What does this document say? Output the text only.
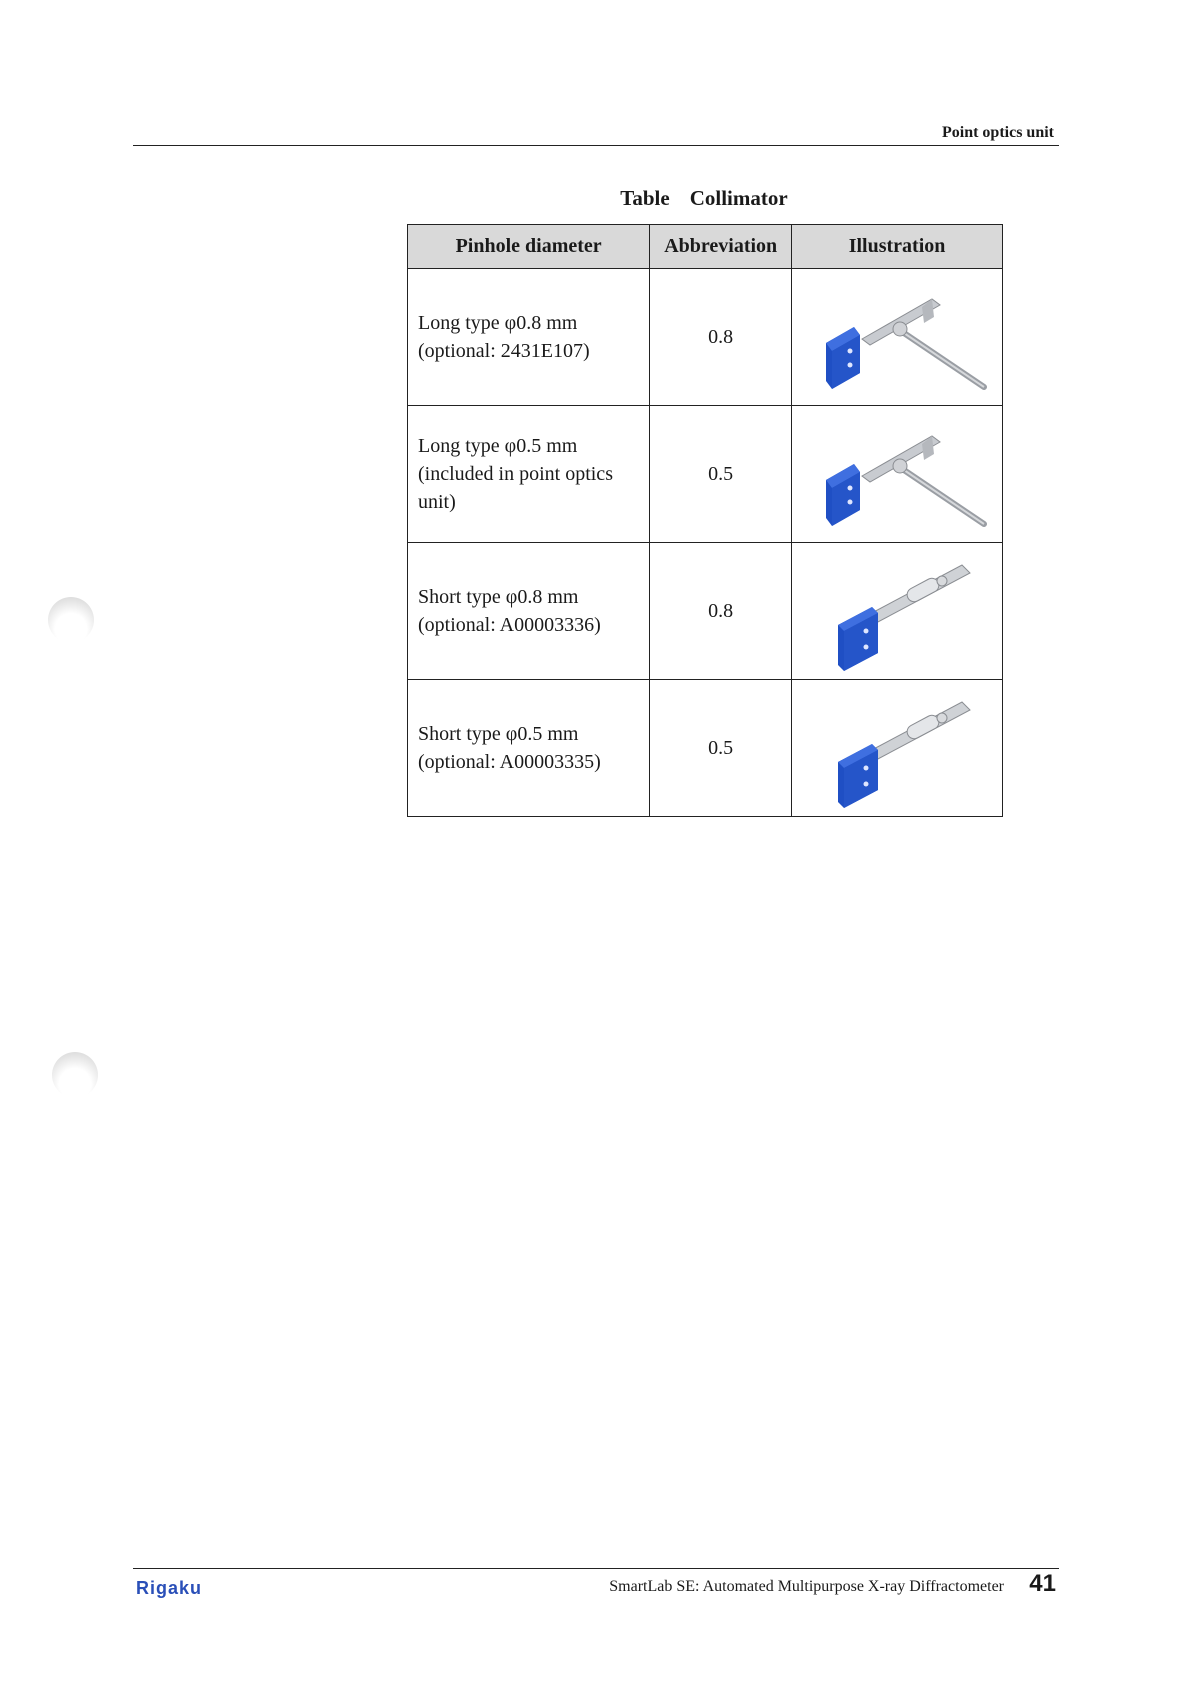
Point optics unit
Table Collimator
Pinhole diameter	Abbreviation	Illustration

Long type φ0.8 mm
(optional: 2431E107)	0.8	

Long type φ0.5 mm
(included in point optics
unit)	0.5	

Short type φ0.8 mm
(optional: A00003336)	0.8	

Short type φ0.5 mm
(optional: A00003335)	0.5	
Rigaku	SmartLab SE: Automated Multipurpose X-ray Diffractometer 41
